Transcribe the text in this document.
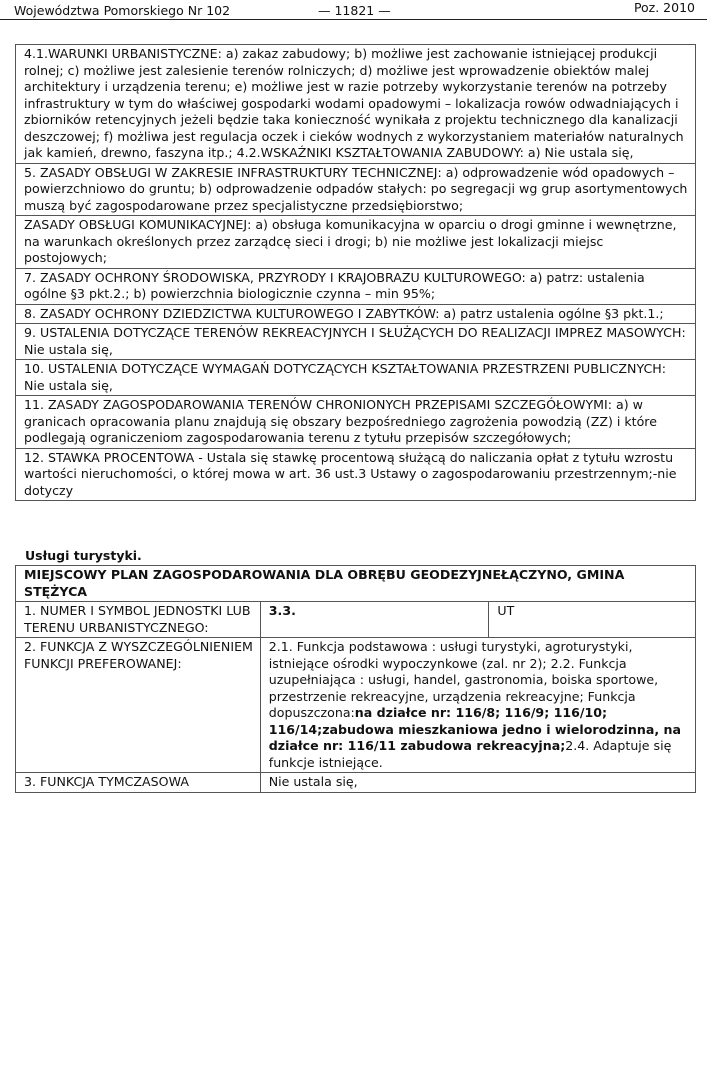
Województwa Pomorskiego Nr 102	— 11821 —	Poz. 2010
4.1.WARUNKI URBANISTYCZNE: a) zakaz zabudowy; b) możliwe jest zachowanie istniejącej produkcji rolnej; c) możliwe jest zalesienie terenów rolniczych; d) możliwe jest wprowadzenie obiektów malej architektury i urządzenia terenu; e) możliwe jest w razie potrzeby wykorzystanie terenów na potrzeby infrastruktury w tym do właściwej gospodarki wodami opadowymi – lokalizacja rowów odwadniających i zbiorników retencyjnych jeżeli będzie taka konieczność wynikała z projektu technicznego dla kanalizacji deszczowej; f) możliwa jest regulacja oczek i cieków wodnych z wykorzystaniem materiałów naturalnych jak kamień, drewno, faszyna itp.; 4.2.WSKAŹNIKI KSZTAŁTOWANIA ZABUDOWY: a) Nie ustala się,
5. ZASADY OBSŁUGI W ZAKRESIE INFRASTRUKTURY TECHNICZNEJ: a) odprowadzenie wód opadowych – powierzchniowo do gruntu; b) odprowadzenie odpadów stałych: po segregacji wg grup asortymentowych muszą być zagospodarowane przez specjalistyczne przedsiębiorstwo;
ZASADY OBSŁUGI KOMUNIKACYJNEJ: a) obsługa komunikacyjna w oparciu o drogi gminne i wewnętrzne, na warunkach określonych przez zarządcę sieci i drogi; b) nie możliwe jest lokalizacji miejsc postojowych;
7. ZASADY OCHRONY ŚRODOWISKA, PRZYRODY I KRAJOBRAZU KULTUROWEGO: a) patrz: ustalenia ogólne §3 pkt.2.; b) powierzchnia biologicznie czynna – min 95%;
8. ZASADY OCHRONY DZIEDZICTWA KULTUROWEGO I ZABYTKÓW: a) patrz ustalenia ogólne §3 pkt.1.;
9. USTALENIA DOTYCZĄCE TERENÓW REKREACYJNYCH I SŁUŻĄCYCH DO REALIZACJI IMPREZ MASOWYCH: Nie ustala się,
10. USTALENIA DOTYCZĄCE WYMAGAŃ DOTYCZĄCYCH KSZTAŁTOWANIA PRZESTRZENI PUBLICZNYCH: Nie ustala się,
11. ZASADY ZAGOSPODAROWANIA TERENÓW CHRONIONYCH PRZEPISAMI SZCZEGÓŁOWYMI: a) w granicach opracowania planu znajdują się obszary bezpośredniego zagrożenia powodzią (ZZ) i które podlegają ograniczeniom zagospodarowania terenu z tytułu przepisów szczegółowych;
12. STAWKA PROCENTOWA - Ustala się stawkę procentową służącą do naliczania opłat z tytułu wzrostu wartości nieruchomości, o której mowa w art. 36 ust.3 Ustawy o zagospodarowaniu przestrzennym;-nie dotyczy
Usługi turystyki.
MIEJSCOWY PLAN ZAGOSPODAROWANIA DLA OBRĘBU GEODEZYJNEŁĄCZYNO, GMINA STĘŻYCA		
1. NUMER I SYMBOL JEDNOSTKI LUB TERENU URBANISTYCZNEGO:	3.3.	UT
2. FUNKCJA Z WYSZCZEGÓLNIENIEM FUNKCJI PREFEROWANEJ:	2.1. Funkcja podstawowa : usługi turystyki, agroturystyki, istniejące ośrodki wypoczynkowe (zal. nr 2); 2.2. Funkcja uzupełniająca : usługi, handel, gastronomia, boiska sportowe, przestrzenie rekreacyjne, urządzenia rekreacyjne; Funkcja dopuszczona:na działce nr: 116/8; 116/9; 116/10; 116/14;zabudowa mieszkaniowa jedno i wielorodzinna, na działce nr: 116/11 zabudowa rekreacyjna;2.4. Adaptuje się funkcje istniejące.	
3. FUNKCJA TYMCZASOWA	Nie ustala się,	
